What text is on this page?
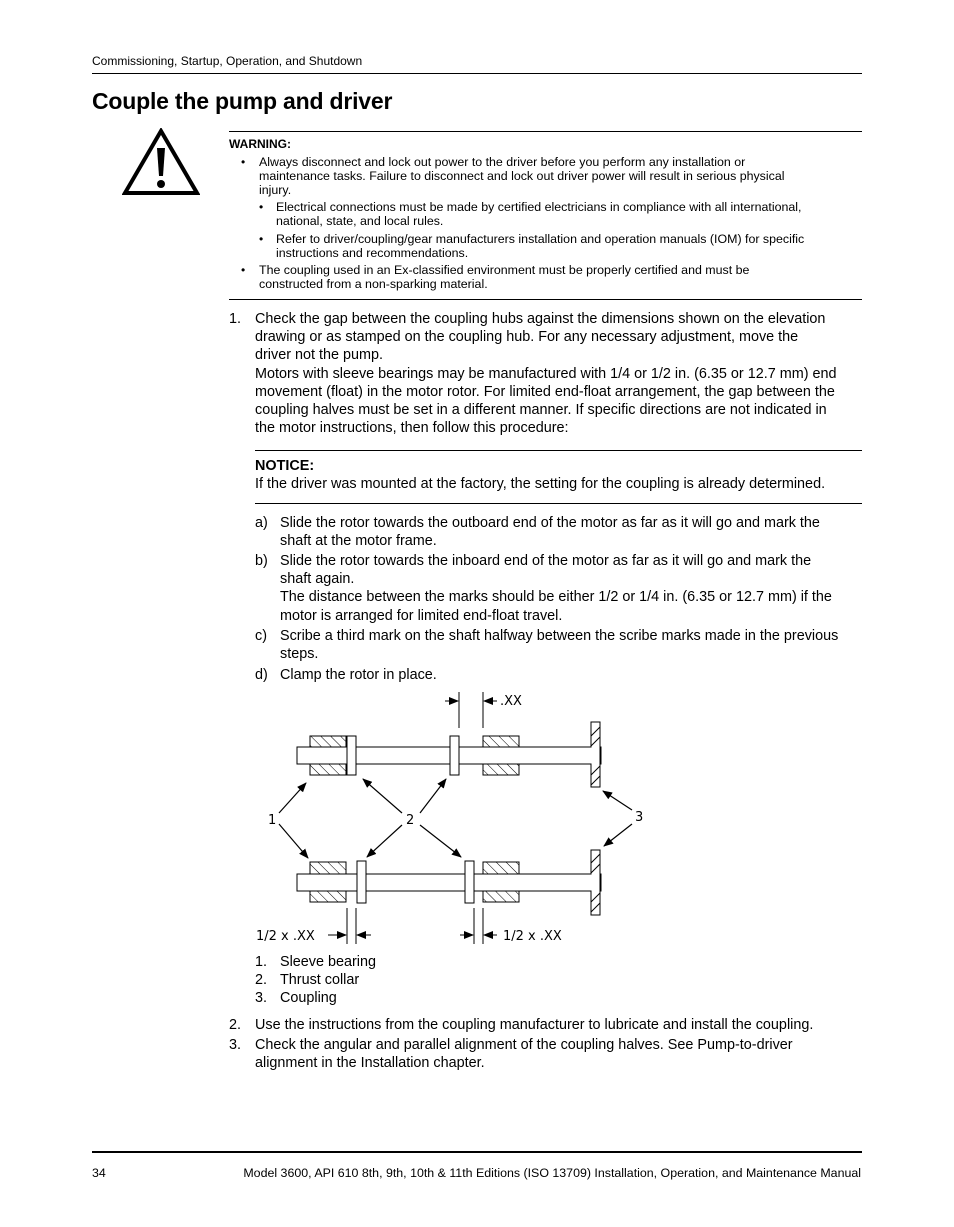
Commissioning, Startup, Operation, and Shutdown
Couple the pump and driver
WARNING:
• Always disconnect and lock out power to the driver before you perform any installation or
maintenance tasks. Failure to disconnect and lock out driver power will result in serious physical
injury.
• Electrical connections must be made by certified electricians in compliance with all international,
national, state, and local rules.
• Refer to driver/coupling/gear manufacturers installation and operation manuals (IOM) for specific
instructions and recommendations.
• The coupling used in an Ex-classified environment must be properly certified and must be
constructed from a non-sparking material.
1. Check the gap between the coupling hubs against the dimensions shown on the elevation
drawing or as stamped on the coupling hub. For any necessary adjustment, move the
driver not the pump.
Motors with sleeve bearings may be manufactured with 1/4 or 1/2 in. (6.35 or 12.7 mm) end
movement (float) in the motor rotor. For limited end-float arrangement, the gap between the
coupling halves must be set in a different manner. If specific directions are not indicated in
the motor instructions, then follow this procedure:
NOTICE:
If the driver was mounted at the factory, the setting for the coupling is already determined.
a) Slide the rotor towards the outboard end of the motor as far as it will go and mark the
shaft at the motor frame.
b) Slide the rotor towards the inboard end of the motor as far as it will go and mark the
shaft again.
The distance between the marks should be either 1/2 or 1/4 in. (6.35 or 12.7 mm) if the
motor is arranged for limited end-float travel.
c) Scribe a third mark on the shaft halfway between the scribe marks made in the previous
steps.
d) Clamp the rotor in place.
.XX
1	2	3
1/2 x .XX	1/2 x .XX
1. Sleeve bearing
2. Thrust collar
3. Coupling
2. Use the instructions from the coupling manufacturer to lubricate and install the coupling.
3. Check the angular and parallel alignment of the coupling halves. See Pump-to-driver
alignment in the Installation chapter.
34	Model 3600, API 610 8th, 9th, 10th & 11th Editions (ISO 13709) Installation, Operation, and Maintenance Manual
